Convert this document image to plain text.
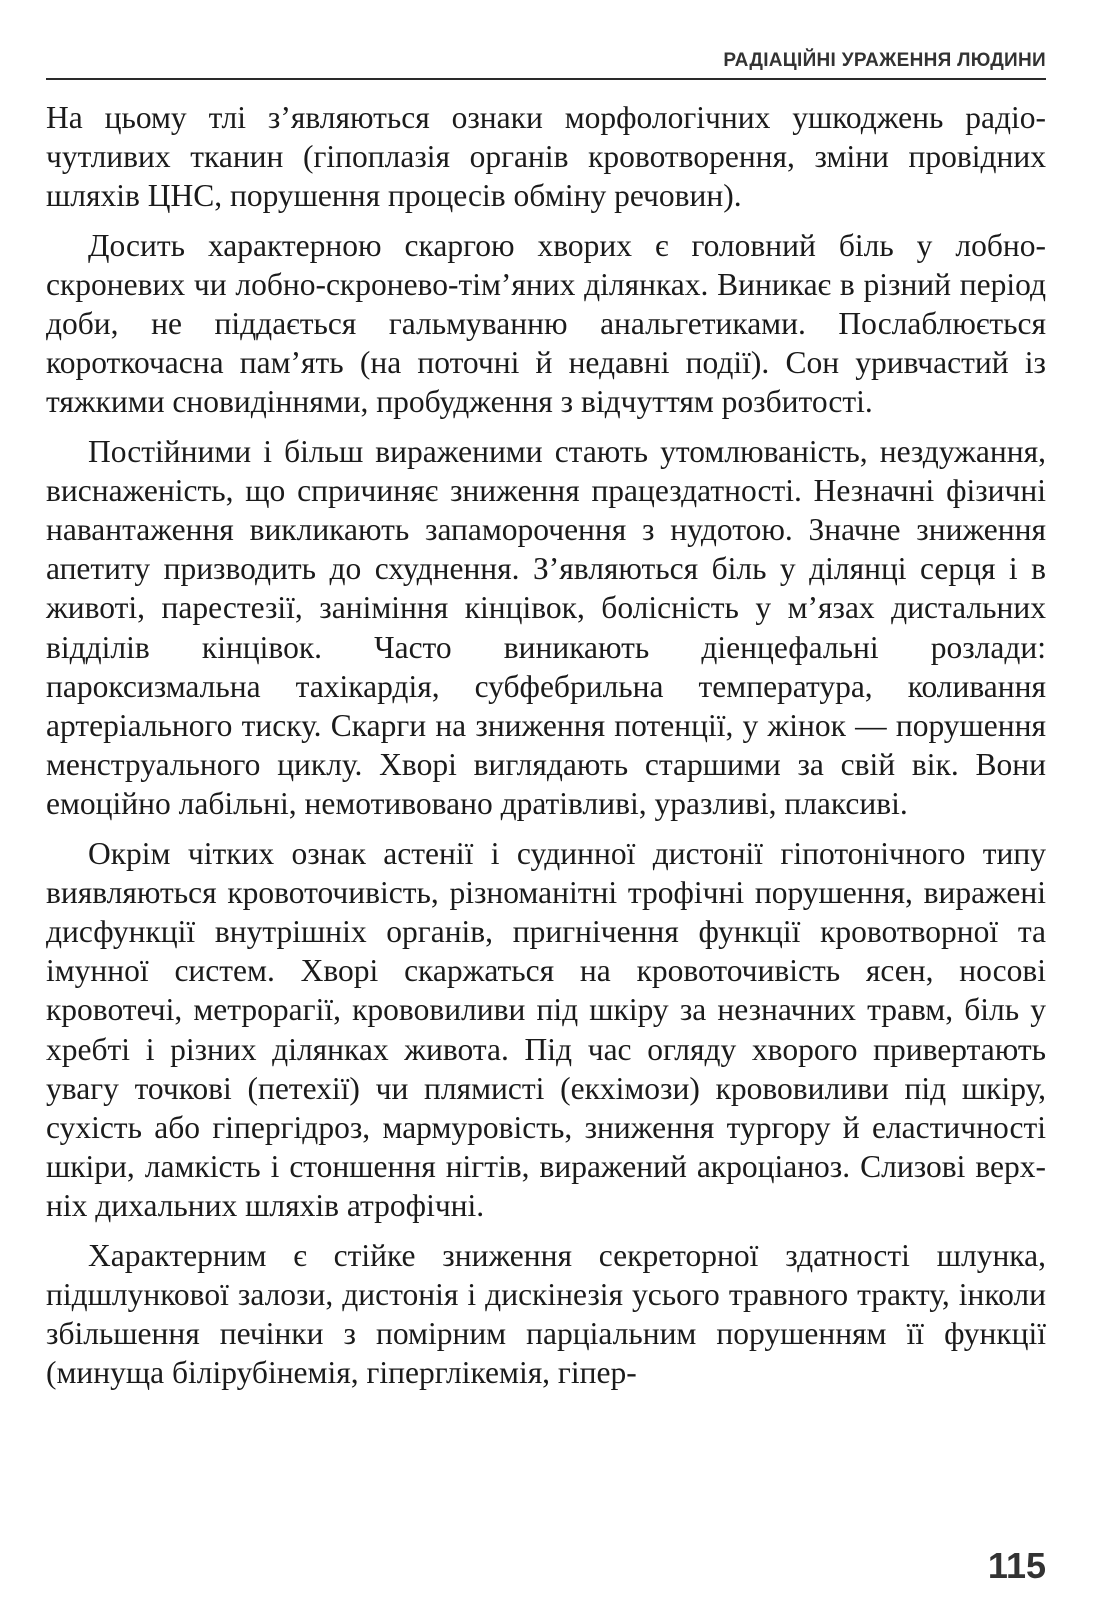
РАДІАЦІЙНІ УРАЖЕННЯ ЛЮДИНИ

На цьому тлі з’являються ознаки морфологічних ушкоджень радіочутливих тканин (гіпоплазія органів кровотворення, зміни провідних шляхів ЦНС, порушення процесів обміну речовин).

Досить характерною скаргою хворих є головний біль у лобно-скроневих чи лобно-скронево-тім’яних ділянках. Виникає в різний період доби, не піддається гальмуванню анальгетиками. Послаблюється короткочасна пам’ять (на поточні й недавні події). Сон уривчастий із тяжкими сновидіннями, пробудження з відчуттям розбитості.

Постійними і більш вираженими стають утомлюваність, нездужання, виснаженість, що спричиняє зниження працездатності. Незначні фізичні навантаження викликають запаморочення з нудотою. Значне зниження апетиту призводить до схуднення. З’являються біль у ділянці серця і в животі, парестезії, заніміння кінцівок, болісність у м’язах дистальних відділів кінцівок. Часто виникають діенцефальні розлади: пароксизмальна тахікардія, субфебрильна температура, коливання артеріального тиску. Скарги на зниження потенції, у жінок — порушення менструального циклу. Хворі виглядають старшими за свій вік. Вони емоційно лабільні, немотивовано дратівливі, уразливі, плаксиві.

Окрім чітких ознак астенії і судинної дистонії гіпотонічного типу виявляються кровоточивість, різноманітні трофічні порушення, виражені дисфункції внутрішніх органів, пригнічення функції кровотворної та імунної систем. Хворі скаржаться на кровоточивість ясен, носові кровотечі, метрорагії, крововиливи під шкіру за незначних травм, біль у хребті і різних ділянках живота. Під час огляду хворого привертають увагу точкові (петехії) чи плямисті (екхімози) крововиливи під шкіру, сухість або гіпергідроз, мармуровість, зниження тургору й еластичності шкіри, ламкість і стоншення нігтів, виражений акроціаноз. Слизові верхніх дихальних шляхів атрофічні.

Характерним є стійке зниження секреторної здатності шлунка, підшлункової залози, дистонія і дискінезія усього травного тракту, інколи збільшення печінки з помірним парціальним порушенням її функції (минуща білірубінемія, гіперглікемія, гіпер-

115
